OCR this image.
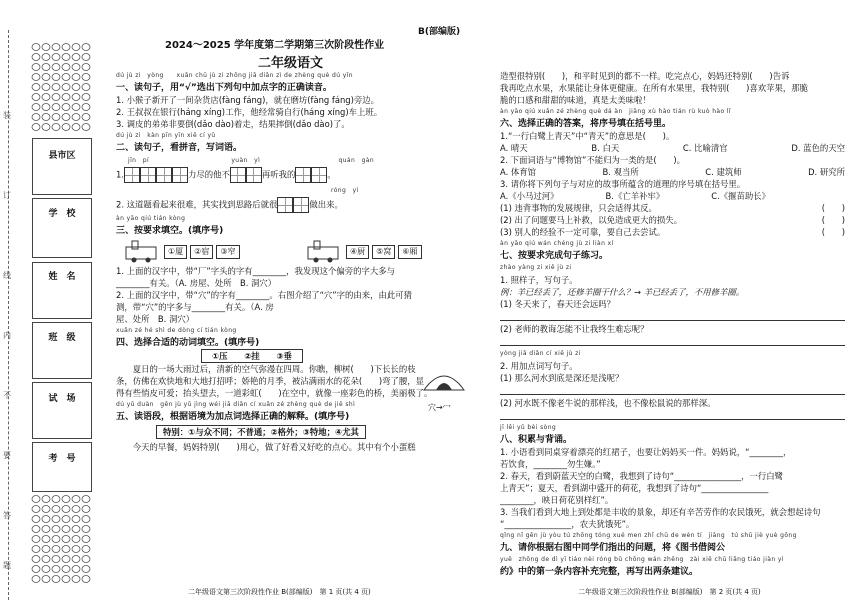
装
订
线
内
不
要
答
题
县市区
学　校
姓　名
班　级
试　场
考　号
B(部编版)
2024～2025 学年度第二学期第三次阶段性作业
二年级语文
dú jù zi　yòng　　xuǎn chū jù zi zhōng jiā diǎn zì de zhèng què dú yīn
一、读句子，用“√”选出下列句中加点字的正确读音。
1. 小猴子新开了一间杂货店(fàng fáng)，就在磨坊(fàng fáng)旁边。
2. 王叔叔在银行(háng xíng)工作，他经常骑自行(háng xíng)车上班。
3. 调皮的弟弟非要倒(dǎo dào)着走，结果摔倒(dǎo dào)了。
dú jù zi　kàn pīn yīn xiě cí yǔ
二、读句子，看拼音，写词语。
jīn　pí	yuàn　yì	quán　gàn
1.	力尽的他不	再听我的	。
róng　yì
2. 这道题看起来很难，其实找到思路后就很	做出来。
àn yāo qiú tián kòng
三、按要求填空。(填序号)
①厦 ②宿 ③窄	④厨 ⑤窝 ⑥厢
1. 上面的汉字中，带“厂”字头的字有________，我发现这个偏旁的字大多与
________有关。（A. 房屋、处所　B. 洞穴）
2. 上面的汉字中，带“穴”的字有________。右图介绍了“穴”字的由来，由此可猜测，带“穴”的字多与________有关。（A. 房
屋、处所　B. 洞穴）
xuǎn zé hé shì de dòng cí tián kòng
四、选择合适的动词填空。(填序号)
①压　　②挂　　③垂
　　夏日的一场大雨过后，清新的空气弥漫在四周。你瞧，柳树(　　)下长长的枝
条，仿佛在欢快地和大地打招呼；娇艳的月季，被沾满雨水的花朵(　　)弯了腰，显
得有些悄皮可爱；抬头望去，一道彩虹(　　)在空中，就像一座彩色的桥，美丽极了。
dú yǔ duàn　gēn jù yǔ jìng wéi jiā diǎn cí xuǎn zé zhèng què de jiě shì
五、读语段，根据语境为加点词选择正确的解释。(填序号)
特别：①与众不同；不普通；②格外；③特地；④尤其
　　今天的早餐，妈妈特别(　　)用心，做了好看又好吃的点心。其中有个小蛋糕
穴→冖
二年级语文第三次阶段性作业 B(部编版)　第 1 页(共 4 页)
造型很特别(　　)，和平时见到的都不一样。吃完点心，妈妈还特别(　　)告诉
我再吃点水果，水果能让身体更健康。在所有水果里，我特别(　　)喜欢苹果，那脆
脆的口感和甜甜的味道，真是太美味啦！
àn yāo qiú xuǎn zé zhèng què dá àn　jiāng xù hào tián rù kuò hào lǐ
六、选择正确的答案，将序号填在括号里。
1.“一行白鹭上青天”中“青天”的意思是(　　)。
A. 晴天	B. 白天	C. 比喻清官	D. 蓝色的天空
2. 下面词语与“博物馆”不能归为一类的是(　　)。
A. 体育馆	B. 观当所	C. 建筑师	D. 研究所
3. 请你将下列句子与对应的故事所蕴含的道理的序号填在括号里。
A.《小马过河》	B.《亡羊补牢》	C.《揠苗助长》
(1) 违背事物的发展规律，只会适得其反。	(　　)
(2) 出了问题要马上补救，以免造成更大的损失。	(　　)
(3) 别人的经验不一定可靠，要自己去尝试。	(　　)
àn yāo qiú wán chéng jù zi liàn xí
七、按要求完成句子练习。
zhào yàng zi xiě jù zi
1. 照样子，写句子。
例：羊已经丢了，还修羊圈干什么？→ 羊已经丢了，不用修羊圈。
(1) 冬天来了，春天还会远吗？
(2) 老师的教诲怎能不让我终生难忘呢？
yòng jiā diǎn cí xiě jù zi
2. 用加点词写句子。
(1) 那么河水到底是深还是浅呢？
(2) 河水既不像老牛说的那样浅，也不像松鼠说的那样深。
jī lěi yǔ bèi sòng
八、积累与背诵。
1. 小语看到同桌穿着漂亮的红裙子，也要让妈妈买一件。妈妈说，“________，
若饮食，________勿生嫌。”
2. 春天，看到蔚蓝天空的白鹭，我想到了诗句“________________，一行白鹭
上青天”；夏天，看到湖中盛开的荷花，我想到了诗句“________________
________，映日荷花别样红”。
3. 当我们看到大地上到处都是丰收的景象，却还有辛苦劳作的农民饿死，就会想起诗句
“________________，农夫犹饿死”。
qǐng nǐ gēn jù yòu tú zhōng tóng xué men zhǐ chū de wèn tí　jiāng　tú shū jiè yuè gōng
九、请你根据右图中同学们指出的问题，将《图书借阅公
yuē　zhōng de dì yī tiáo nèi róng bǔ chōng wán zhěng　zài xiě chū liǎng tiáo jiàn yì
约》中的第一条内容补充完整，再写出两条建议。
二年级语文第三次阶段性作业 B(部编版)　第 2 页(共 4 页)
